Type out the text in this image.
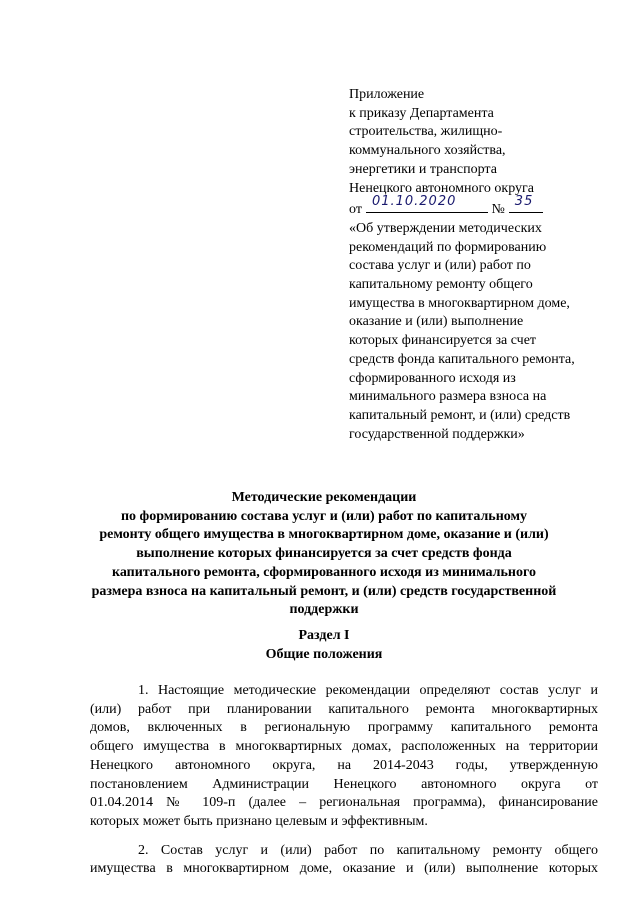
Приложение
к приказу Департамента
строительства, жилищно-
коммунального хозяйства,
энергетики и транспорта
Ненецкого автономного округа
от
01.10.2020
№
35
«Об утверждении методических
рекомендаций по формированию
состава услуг и (или) работ по
капитальному ремонту общего
имущества в многоквартирном доме,
оказание и (или) выполнение
которых финансируется за счет
средств фонда капитального ремонта,
сформированного исходя из
минимального размера взноса на
капитальный ремонт, и (или) средств
государственной поддержки»
Методические рекомендации
по формированию состава услуг и (или) работ по капитальному
ремонту общего имущества в многоквартирном доме, оказание и (или)
выполнение которых финансируется за счет средств фонда
капитального ремонта, сформированного исходя из минимального
размера взноса на капитальный ремонт, и (или) средств государственной
поддержки
Раздел I
Общие положения
1. Настоящие методические рекомендации определяют состав услуг и
(или) работ при планировании капитального ремонта многоквартирных
домов, включенных в региональную программу капитального ремонта
общего имущества в многоквартирных домах, расположенных на территории
Ненецкого автономного округа, на 2014-2043 годы, утвержденную
постановлением Администрации Ненецкого автономного округа от
01.04.2014 № 109-п (далее – региональная программа), финансирование
которых может быть признано целевым и эффективным.
2. Состав услуг и (или) работ по капитальному ремонту общего
имущества в многоквартирном доме, оказание и (или) выполнение которых
